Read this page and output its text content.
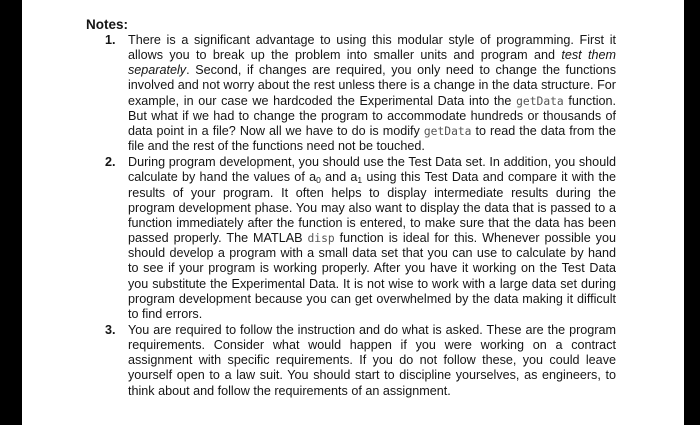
Notes:
1. There is a significant advantage to using this modular style of programming. First it allows you to break up the problem into smaller units and program and test them separately. Second, if changes are required, you only need to change the functions involved and not worry about the rest unless there is a change in the data structure. For example, in our case we hardcoded the Experimental Data into the getData function. But what if we had to change the program to accommodate hundreds or thousands of data point in a file? Now all we have to do is modify getData to read the data from the file and the rest of the functions need not be touched.
2. During program development, you should use the Test Data set. In addition, you should calculate by hand the values of $a_0$ and $a_1$ using this Test Data and compare it with the results of your program. It often helps to display intermediate results during the program development phase. You may also want to display the data that is passed to a function immediately after the function is entered, to make sure that the data has been passed properly. The MATLAB disp function is ideal for this. Whenever possible you should develop a program with a small data set that you can use to calculate by hand to see if your program is working properly. After you have it working on the Test Data you substitute the Experimental Data. It is not wise to work with a large data set during program development because you can get overwhelmed by the data making it difficult to find errors.
3. You are required to follow the instruction and do what is asked. These are the program requirements. Consider what would happen if you were working on a contract assignment with specific requirements. If you do not follow these, you could leave yourself open to a law suit. You should start to discipline yourselves, as engineers, to think about and follow the requirements of an assignment.
